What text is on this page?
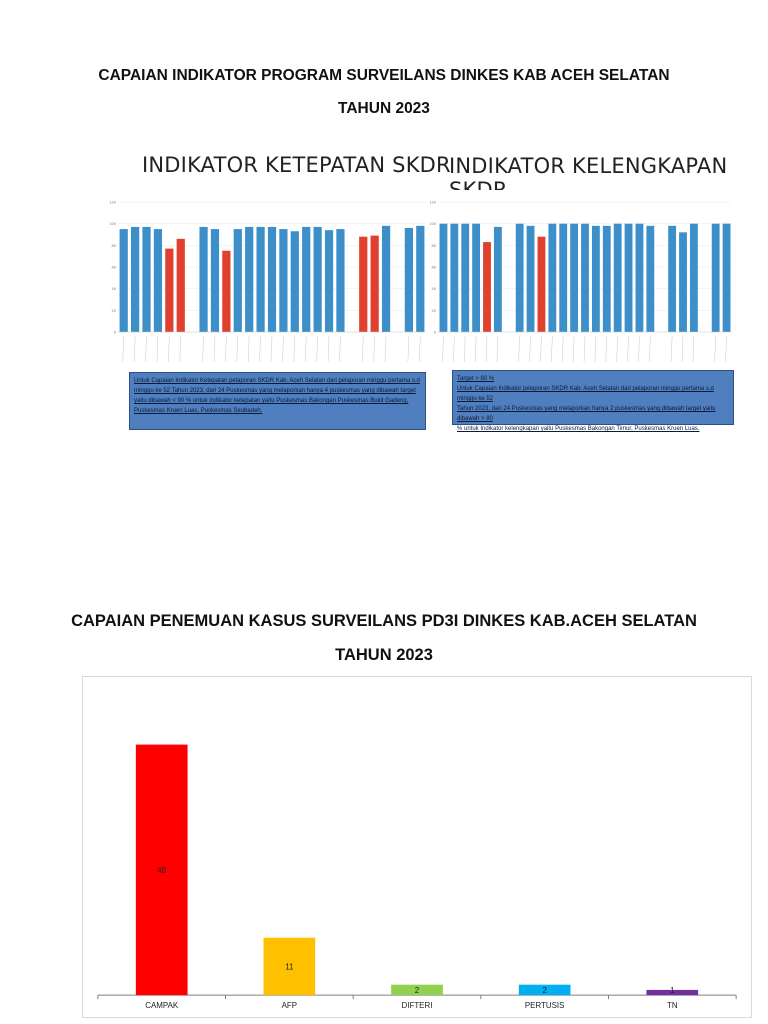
CAPAIAN INDIKATOR PROGRAM SURVEILANS DINKES KAB ACEH SELATAN
TAHUN 2023
INDIKATOR KETEPATAN SKDR
INDIKATOR KELENGKAPAN SKDR
0
20
40
60
80
100
120
0
20
40
60
80
100
120
Untuk Capaian Indikator Ketepatan pelaporan SKDR Kab. Aceh Selatan dari pelaporan minggu pertama s.d
minggu ke 52 Tahun 2023, dari 24 Puskesmas yang melaporkan hanya 4 puskesmas yang dibawah target
yaitu dibawah < 90 % untuk Indikator ketepatan yaitu Puskesmas Bakongan Puskesmas Bukit Gadeng,
Puskesmas Kruen Luas, Puskesmas Seubadeh.
Target > 80 %
Untuk Capaian Indikator pelaporan SKDR Kab. Aceh Selatan dari pelaporan minggu pertama s.d minggu ke 52
Tahun 2023, dari 24 Puskesmas yang melaporkan hanya 2 puskesmas yang dibawah target yaitu dibawah > 80
% untuk Indikator kelengkapan yaitu Puskesmas Bakongan Timur, Puskesmas Kruen Luas.
CAPAIAN PENEMUAN KASUS SURVEILANS PD3I DINKES KAB.ACEH SELATAN
TAHUN 2023
48
CAMPAK
11
AFP
2
DIFTERI
2
PERTUSIS
1
TN
